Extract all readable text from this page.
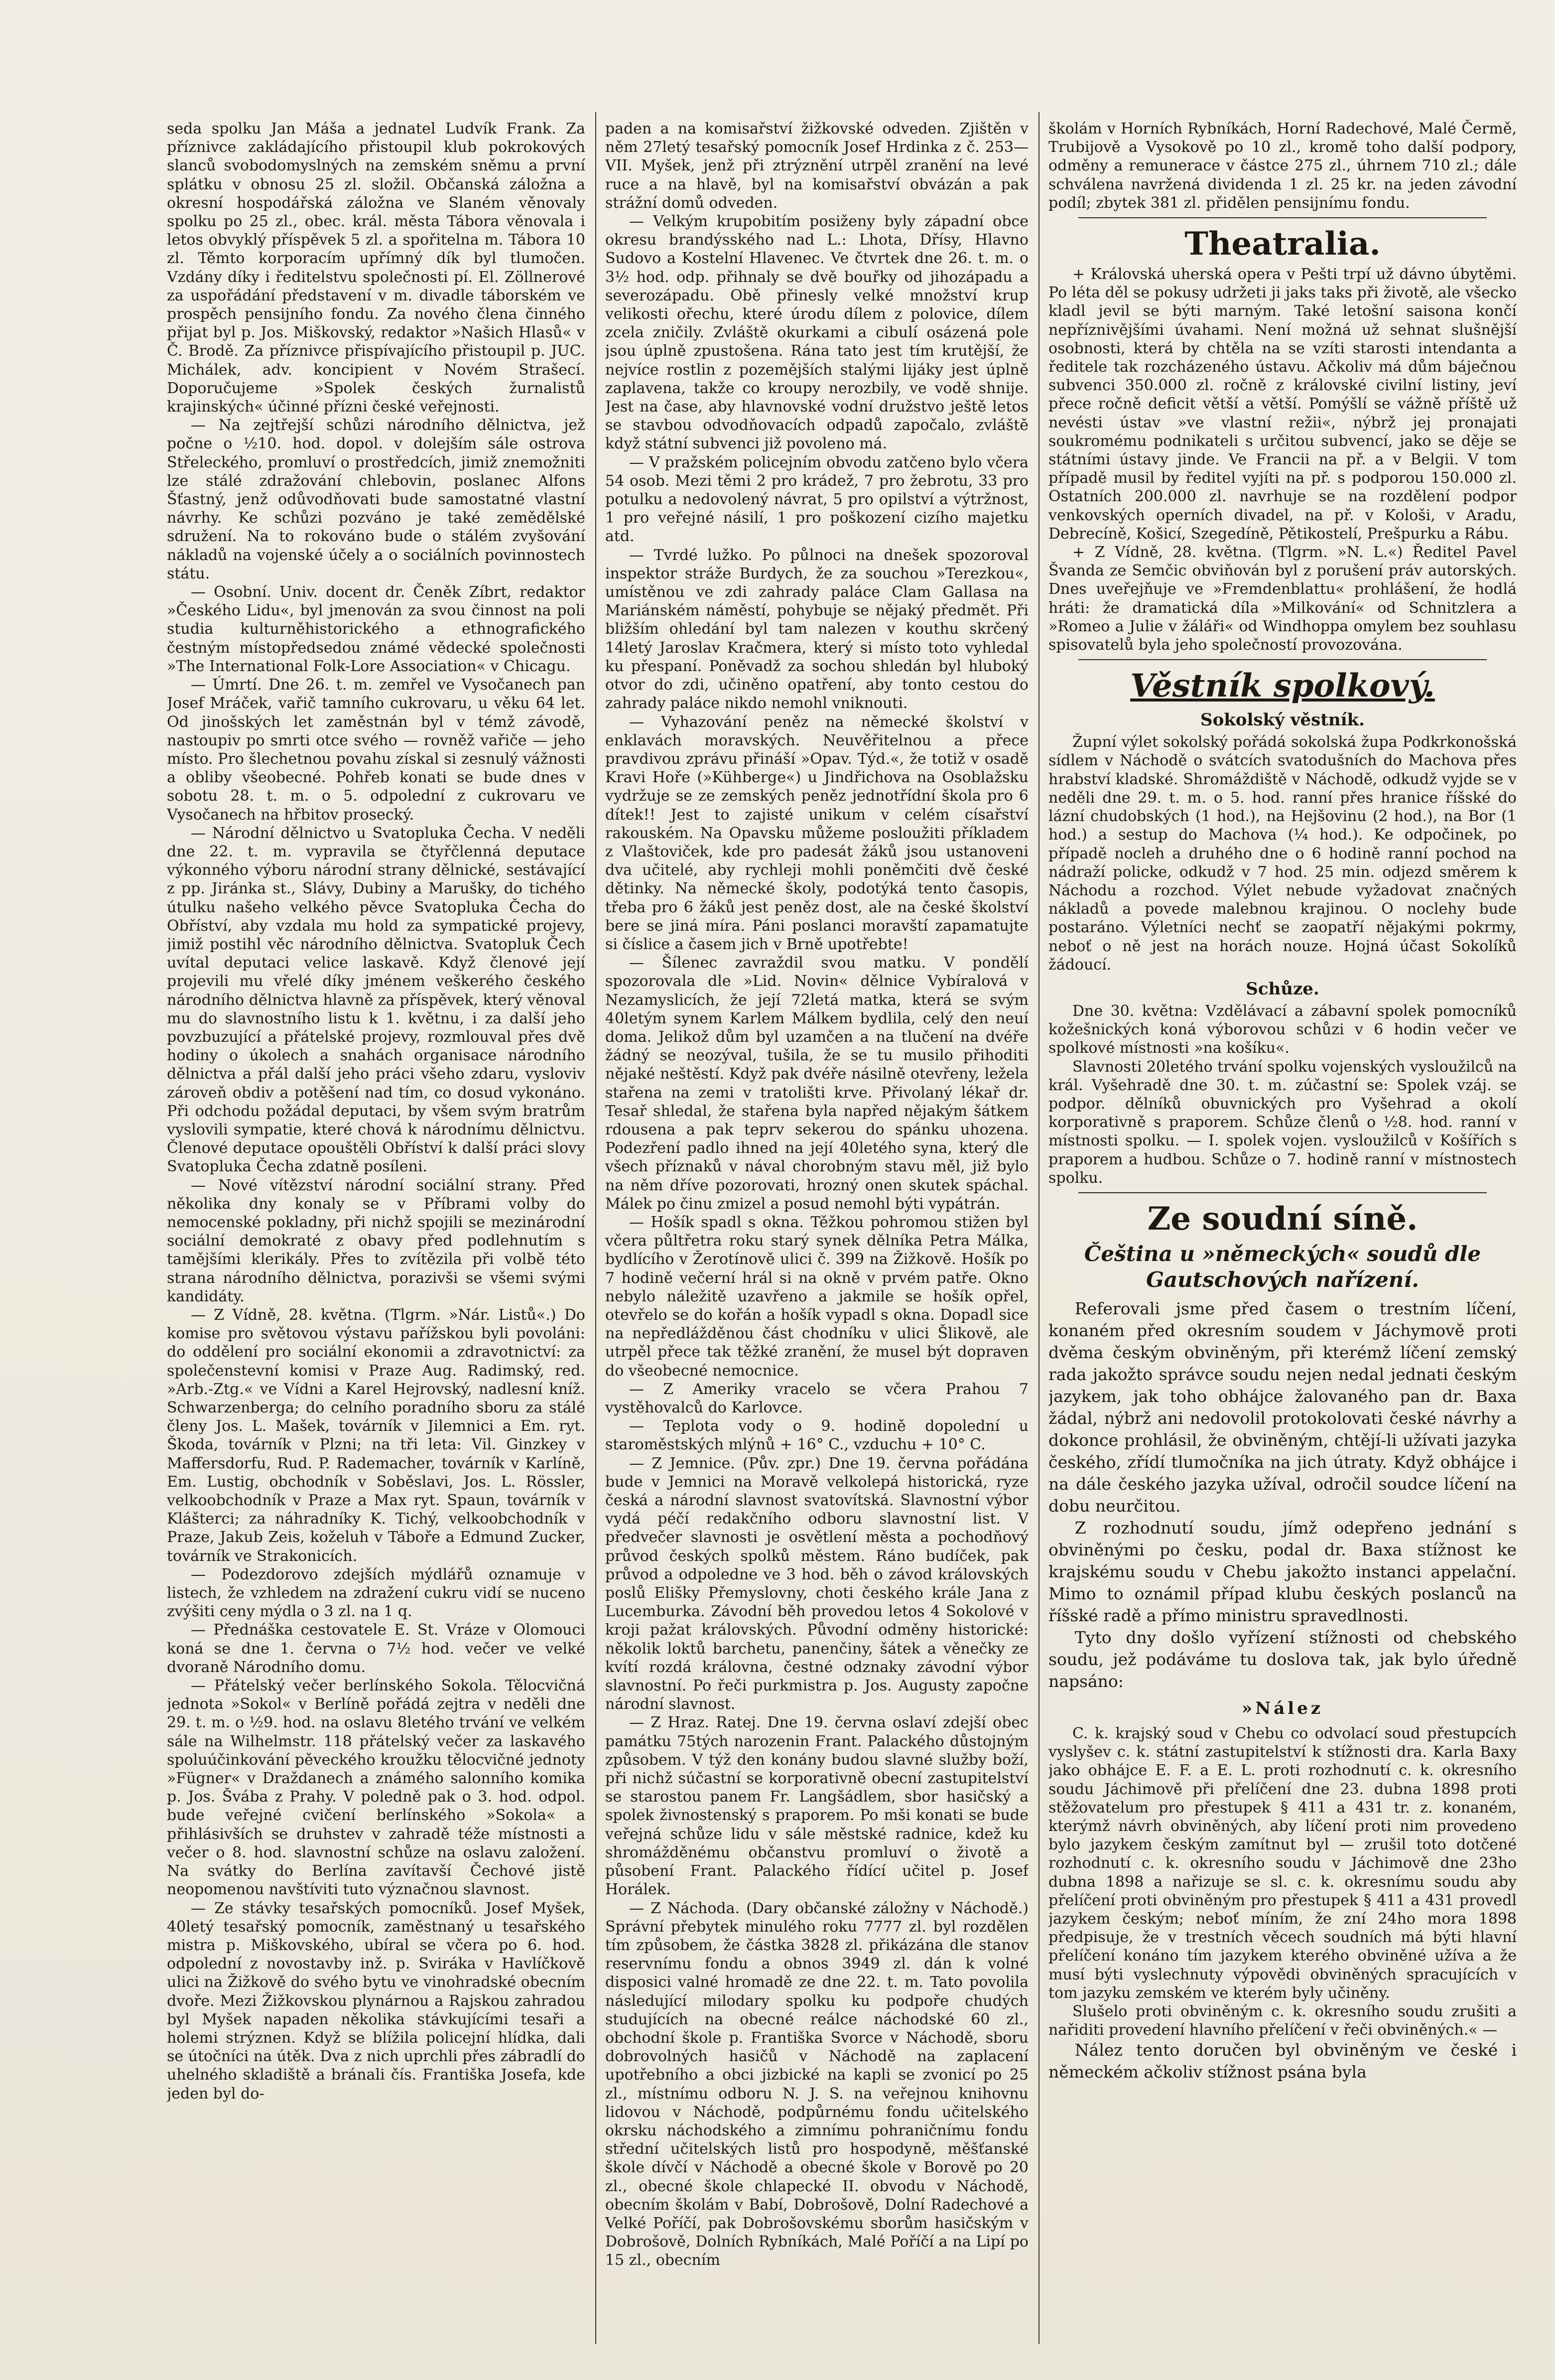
seda spolku Jan Máša a jednatel Ludvík Frank. Za příznivce zakládajícího přistoupil klub pokrokových slanců svobodomyslných na zemském sněmu a první splátku v obnosu 25 zl. složil. Občanská záložna a okresní hospodářská záložna ve Slaném věnovaly spolku po 25 zl., obec. král. města Tábora věnovala i letos obvyklý příspěvek 5 zl. a spořitelna m. Tábora 10 zl. Těmto korporacím upřímný dík byl tlumočen. Vzdány díky i ředitelstvu společnosti pí. El. Zöllnerové za uspořádání představení v m. divadle táborském ve prospěch pensijního fondu. Za nového člena činného přijat byl p. Jos. Miškovský, redaktor »Našich Hlasů« v Č. Brodě. Za příznivce přispívajícího přistoupil p. JUC. Michálek, adv. koncipient v Novém Strašecí. Doporučujeme »Spolek českých žurnalistů krajinských« účinné přízni české veřejnosti.

— Na zejtřejší schůzi národního dělnictva, jež počne o ½10. hod. dopol. v dolejším sále ostrova Střeleckého, promluví o prostředcích, jimiž znemožniti lze stálé zdražování chlebovin, poslanec Alfons Šťastný, jenž odůvodňovati bude samostatné vlastní návrhy. Ke schůzi pozváno je také zemědělské sdružení. Na to rokováno bude o stálém zvyšování nákladů na vojenské účely a o sociálních povinnostech státu.

— Osobní. Univ. docent dr. Čeněk Zíbrt, redaktor »Českého Lidu«, byl jmenován za svou činnost na poli studia kulturněhistorického a ethnografického čestným místopředsedou známé vědecké společnosti »The International Folk-Lore Association« v Chicagu.

— Úmrtí. Dne 26. t. m. zemřel ve Vysočanech pan Josef Mráček, vařič tamního cukrovaru, u věku 64 let. Od jinošských let zaměstnán byl v témž závodě, nastoupiv po smrti otce svého — rovněž vařiče — jeho místo. Pro šlechetnou povahu získal si zesnulý vážnosti a obliby všeobecné. Pohřeb konati se bude dnes v sobotu 28. t. m. o 5. odpolední z cukrovaru ve Vysočanech na hřbitov prosecký.

— Národní dělnictvo u Svatopluka Čecha. V neděli dne 22. t. m. vypravila se čtyřčlenná deputace výkonného výboru národní strany dělnické, sestávající z pp. Jiránka st., Slávy, Dubiny a Marušky, do tichého útulku našeho velkého pěvce Svatopluka Čecha do Obříství, aby vzdala mu hold za sympatické projevy, jimiž postihl věc národního dělnictva. Svatopluk Čech uvítal deputaci velice laskavě. Když členové její projevili mu vřelé díky jménem veškerého českého národního dělnictva hlavně za příspěvek, který věnoval mu do slavnostního listu k 1. květnu, i za další jeho povzbuzující a přátelské projevy, rozmlouval přes dvě hodiny o úkolech a snahách organisace národního dělnictva a přál další jeho práci všeho zdaru, vysloviv zároveň obdiv a potěšení nad tím, co dosud vykonáno. Při odchodu požádal deputaci, by všem svým bratrům vyslovili sympatie, které chová k národnímu dělnictvu. Členové deputace opouštěli Obříství k další práci slovy Svatopluka Čecha zdatně posíleni.

— Nové vítězství národní sociální strany. Před několika dny konaly se v Příbrami volby do nemocenské pokladny, při nichž spojili se mezinárodní sociální demokraté z obavy před podlehnutím s tamějšími klerikály. Přes to zvítězila při volbě této strana národního dělnictva, porazivši se všemi svými kandidáty.

— Z Vídně, 28. května. (Tlgrm. »Nár. Listů«.) Do komise pro světovou výstavu pařížskou byli povoláni: do oddělení pro sociální ekonomii a zdravotnictví: za společenstevní komisi v Praze Aug. Radimský, red. »Arb.-Ztg.« ve Vídni a Karel Hejrovský, nadlesní kníž. Schwarzenberga; do celního poradního sboru za stálé členy Jos. L. Mašek, továrník v Jilemnici a Em. ryt. Škoda, továrník v Plzni; na tři leta: Vil. Ginzkey v Maffersdorfu, Rud. P. Rademacher, továrník v Karlíně, Em. Lustig, obchodník v Soběslavi, Jos. L. Rössler, velkoobchodník v Praze a Max ryt. Spaun, továrník v Klášterci; za náhradníky K. Tichý, velkoobchodník v Praze, Jakub Zeis, koželuh v Táboře a Edmund Zucker, továrník ve Strakonicích.

— Podezdorovo zdejších mýdlářů oznamuje v listech, že vzhledem na zdražení cukru vidí se nuceno zvýšiti ceny mýdla o 3 zl. na 1 q.

— Přednáška cestovatele E. St. Vráze v Olomouci koná se dne 1. června o 7½ hod. večer ve velké dvoraně Národního domu.

— Přátelský večer berlínského Sokola. Tělocvičná jednota »Sokol« v Berlíně pořádá zejtra v neděli dne 29. t. m. o ½9. hod. na oslavu 8letého trvání ve velkém sále na Wilhelmstr. 118 přátelský večer za laskavého spoluúčinkování pěveckého kroužku tělocvičné jednoty »Fügner« v Draždanech a známého salonního komika p. Jos. Švába z Prahy. V poledně pak o 3. hod. odpol. bude veřejné cvičení berlínského »Sokola« a přihlásivších se druhstev v zahradě téže místnosti a večer o 8. hod. slavnostní schůze na oslavu založení. Na svátky do Berlína zavítavší Čechové jistě neopomenou navštíviti tuto význačnou slavnost.

— Ze stávky tesařských pomocníků. Josef Myšek, 40letý tesařský pomocník, zaměstnaný u tesařského mistra p. Miškovského, ubíral se včera po 6. hod. odpolední z novostavby inž. p. Sviráka v Havlíčkově ulici na Žižkově do svého bytu ve vinohradské obecním dvoře. Mezi Žižkovskou plynárnou a Rajskou zahradou byl Myšek napaden několika stávkujícími tesaři a holemi strýznen. Když se blížila policejní hlídka, dali se útočníci na útěk. Dva z nich uprchli přes zábradlí do uhelného skladiště a bránali čís. Františka Josefa, kde jeden byl do-

paden a na komisařství žižkovské odveden. Zjištěn v něm 27letý tesařský pomocník Josef Hrdinka z č. 253—VII. Myšek, jenž při ztrýznění utrpěl zranění na levé ruce a na hlavě, byl na komisařství obvázán a pak strážní domů odveden.

— Velkým krupobitím posiženy byly západní obce okresu brandýsského nad L.: Lhota, Dřísy, Hlavno Sudovo a Kostelní Hlavenec. Ve čtvrtek dne 26. t. m. o 3½ hod. odp. přihnaly se dvě bouřky od jihozápadu a severozápadu. Obě přinesly velké množství krup velikosti ořechu, které úrodu dílem z polovice, dílem zcela zničily. Zvláště okurkami a cibulí osázená pole jsou úplně zpustošena. Rána tato jest tím krutější, že nejvíce rostlin z pozemějších stalými lijáky jest úplně zaplavena, takže co kroupy nerozbily, ve vodě shnije. Jest na čase, aby hlavnovské vodní družstvo ještě letos se stavbou odvodňovacích odpadů započalo, zvláště když státní subvenci již povoleno má.

— V pražském policejním obvodu zatčeno bylo včera 54 osob. Mezi těmi 2 pro krádež, 7 pro žebrotu, 33 pro potulku a nedovolený návrat, 5 pro opilství a výtržnost, 1 pro veřejné násilí, 1 pro poškození cizího majetku atd.

— Tvrdé lužko. Po půlnoci na dnešek spozoroval inspektor stráže Burdych, že za souchou »Terezkou«, umístěnou ve zdi zahrady paláce Clam Gallasa na Mariánském náměstí, pohybuje se nějaký předmět. Při bližším ohledání byl tam nalezen v kouthu skrčený 14letý Jaroslav Kračmera, který si místo toto vyhledal ku přespaní. Poněvadž za sochou shledán byl hluboký otvor do zdi, učiněno opatření, aby tonto cestou do zahrady paláce nikdo nemohl vniknouti.

— Vyhazování peněz na německé školství v enklavách moravských. Neuvěřitelnou a přece pravdivou zprávu přináší »Opav. Týd.«, že totiž v osadě Kravi Hoře (»Kühberge«) u Jindřichova na Osoblažsku vydržuje se ze zemských peněz jednotřídní škola pro 6 dítek!! Jest to zajisté unikum v celém císařství rakouském. Na Opavsku můžeme posloužiti příkladem z Vlaštoviček, kde pro padesát žáků jsou ustanoveni dva učitelé, aby rychleji mohli poněmčiti dvě české dětinky. Na německé školy, podotýká tento časopis, třeba pro 6 žáků jest peněz dost, ale na české školství bere se jiná míra. Páni poslanci moravští zapamatujte si číslice a časem jich v Brně upotřebte!

— Šílenec zavraždil svou matku. V pondělí spozorovala dle »Lid. Novin« dělnice Vybíralová v Nezamyslicích, že její 72letá matka, která se svým 40letým synem Karlem Málkem bydlila, celý den neuí doma. Jelikož dům byl uzamčen a na tlučení na dvéře žádný se neozýval, tušila, že se tu musilo přihoditi nějaké neštěstí. Když pak dvéře násilně otevřeny, ležela stařena na zemi v tratolišti krve. Přivolaný lékař dr. Tesař shledal, že stařena byla napřed nějakým šátkem rdousena a pak teprv sekerou do spánku uhozena. Podezření padlo ihned na její 40letého syna, který dle všech příznaků v nával chorobným stavu měl, již bylo na něm dříve pozorovati, hrozný onen skutek spáchal. Málek po činu zmizel a posud nemohl býti vypátrán.

— Hošík spadl s okna. Těžkou pohromou stižen byl včera půltřetra roku starý synek dělníka Petra Málka, bydlícího v Žerotínově ulici č. 399 na Žižkově. Hošík po 7 hodině večerní hrál si na okně v prvém patře. Okno nebylo náležitě uzavřeno a jakmile se hošík opřel, otevřelo se do kořán a hošík vypadl s okna. Dopadl sice na nepředlážděnou část chodníku v ulici Šlikově, ale utrpěl přece tak těžké zranění, že musel být dopraven do všeobecné nemocnice.

— Z Ameriky vracelo se včera Prahou 7 vystěhovalců do Karlovce.

— Teplota vody o 9. hodině dopolední u staroměstských mlýnů + 16° C., vzduchu + 10° C.

— Z Jemnice. (Pův. zpr.) Dne 19. června pořádána bude v Jemnici na Moravě velkolepá historická, ryze česká a národní slavnost svatovítská. Slavnostní výbor vydá péčí redakčního odboru slavnostní list. V předvečer slavnosti je osvětlení města a pochodňový průvod českých spolků městem. Ráno budíček, pak průvod a odpoledne ve 3 hod. běh o závod královských poslů Elišky Přemyslovny, choti českého krále Jana z Lucemburka. Závodní běh provedou letos 4 Sokolové v kroji pažat královských. Původní odměny historické: několik loktů barchetu, panenčiny, šátek a věnečky ze kvítí rozdá královna, čestné odznaky závodní výbor slavnostní. Po řeči purkmistra p. Jos. Augusty započne národní slavnost.

— Z Hraz. Ratej. Dne 19. června oslaví zdejší obec památku 75tých narozenin Frant. Palackého důstojným způsobem. V týž den konány budou slavné služby boží, při nichž súčastní se korporativně obecní zastupitelství se starostou panem Fr. Langšádlem, sbor hasičský a spolek živnostenský s praporem. Po mši konati se bude veřejná schůze lidu v sále městské radnice, kdež ku shromážděnému občanstvu promluví o životě a působení Frant. Palackého řídící učitel p. Josef Horálek.

— Z Náchoda. (Dary občanské záložny v Náchodě.) Správní přebytek minulého roku 7777 zl. byl rozdělen tím způsobem, že částka 3828 zl. přikázána dle stanov reservnímu fondu a obnos 3949 zl. dán k volné disposici valné hromadě ze dne 22. t. m. Tato povolila následující milodary spolku ku podpoře chudých studujících na obecné reálce náchodské 60 zl., obchodní škole p. Františka Svorce v Náchodě, sboru dobrovolných hasičů v Náchodě na zaplacení upotřebního a obci jizbické na kapli se zvonicí po 25 zl., místnímu odboru N. J. S. na veřejnou knihovnu lidovou v Náchodě, podpůrnému fondu učitelského okrsku náchodského a zimnímu pohraničnímu fondu střední učitelských listů pro hospodyně, měšťanské škole dívčí v Náchodě a obecné škole v Borově po 20 zl., obecné škole chlapecké II. obvodu v Náchodě, obecním školám v Babí, Dobrošově, Dolní Radechové a Velké Poříčí, pak Dobrošovskému sborům hasičským v Dobrošově, Dolních Rybníkách, Malé Poříčí a na Lipí po 15 zl., obecním

školám v Horních Rybníkách, Horní Radechové, Malé Čermě, Trubijově a Vysokově po 10 zl., kromě toho další podpory, odměny a remunerace v částce 275 zl., úhrnem 710 zl.; dále schválena navržená dividenda 1 zl. 25 kr. na jeden závodní podíl; zbytek 381 zl. přidělen pensijnímu fondu.

Theatralia.

+ Královská uherská opera v Pešti trpí už dávno úbytěmi. Po léta děl se pokusy udržeti ji jaks taks při životě, ale všecko kladl jevil se býti marným. Také letošní saisona končí nepříznivějšími úvahami. Není možná už sehnat slušnější osobnosti, která by chtěla na se vzíti starosti intendanta a ředitele tak rozcházeného ústavu. Ačkoliv má dům báječnou subvenci 350.000 zl. ročně z královské civilní listiny, jeví přece ročně deficit větší a větší. Pomýšlí se vážně příště už nevésti ústav »ve vlastní režii«, nýbrž jej pronajati soukromému podnikateli s určitou subvencí, jako se děje se státními ústavy jinde. Ve Francii na př. a v Belgii. V tom případě musil by ředitel vyjíti na př. s podporou 150.000 zl. Ostatních 200.000 zl. navrhuje se na rozdělení podpor venkovských operních divadel, na př. v Kološi, v Aradu, Debrecíně, Košicí, Szegedíně, Pětikostelí, Prešpurku a Rábu.

+ Z Vídně, 28. května. (Tlgrm. »N. L.«) Ředitel Pavel Švanda ze Semčic obviňován byl z porušení práv autorských. Dnes uveřejňuje ve »Fremdenblattu« prohlášení, že hodlá hráti: že dramatická díla »Milkování« od Schnitzlera a »Romeo a Julie v žáláři« od Windhoppa omylem bez souhlasu spisovatelů byla jeho společností provozována.

Věstník spolkový.
Sokolský věstník.

Župní výlet sokolský pořádá sokolská župa Podkrkonošská sídlem v Náchodě o svátcích svatodušních do Machova přes hrabství kladské. Shromáždiště v Náchodě, odkudž vyjde se v neděli dne 29. t. m. o 5. hod. ranní přes hranice říšské do lázní chudobských (1 hod.), na Hejšovinu (2 hod.), na Bor (1 hod.) a sestup do Machova (¼ hod.). Ke odpočinek, po případě nocleh a druhého dne o 6 hodině ranní pochod na nádraží policke, odkudž v 7 hod. 25 min. odjezd směrem k Náchodu a rozchod. Výlet nebude vyžadovat značných nákladů a povede malebnou krajinou. O noclehy bude postaráno. Výletníci nechť se zaopatří nějakými pokrmy, neboť o ně jest na horách nouze. Hojná účast Sokolíků žádoucí.

Schůze.

Dne 30. května: Vzdělávací a zábavní spolek pomocníků kožešnických koná výborovou schůzi v 6 hodin večer ve spolkové místnosti »na košíku«.

Slavnosti 20letého trvání spolku vojenských vysloužilců na král. Vyšehradě dne 30. t. m. zúčastní se: Spolek vzáj. se podpor. dělníků obuvnických pro Vyšehrad a okolí korporativně s praporem. Schůze členů o ½8. hod. ranní v místnosti spolku. — I. spolek vojen. vysloužilců v Košířích s praporem a hudbou. Schůze o 7. hodině ranní v místnostech spolku.

Ze soudní síně.
Čeština u »německých« soudů dle Gautschových nařízení.

Referovali jsme před časem o trestním líčení, konaném před okresním soudem v Jáchymově proti dvěma českým obviněným, při kterémž líčení zemský rada jakožto správce soudu nejen nedal jednati českým jazykem, jak toho obhájce žalovaného pan dr. Baxa žádal, nýbrž ani nedovolil protokolovati české návrhy a dokonce prohlásil, že obviněným, chtějí-li užívati jazyka českého, zřídí tlumočníka na jich útraty. Když obhájce i na dále českého jazyka užíval, odročil soudce líčení na dobu neurčitou.

Z rozhodnutí soudu, jímž odepřeno jednání s obviněnými po česku, podal dr. Baxa stížnost ke krajskému soudu v Chebu jakožto instanci appelační. Mimo to oznámil případ klubu českých poslanců na říšské radě a přímo ministru spravedlnosti.

Tyto dny došlo vyřízení stížnosti od chebského soudu, jež podáváme tu doslova tak, jak bylo úředně napsáno:

»Nález

C. k. krajský soud v Chebu co odvolací soud přestupcích vyslyšev c. k. státní zastupitelství k stížnosti dra. Karla Baxy jako obhájce E. F. a E. L. proti rozhodnutí c. k. okresního soudu Jáchimově při přelíčení dne 23. dubna 1898 proti stěžovatelum pro přestupek § 411 a 431 tr. z. konaném, kterýmž návrh obviněných, aby líčení proti nim provedeno bylo jazykem českým zamítnut byl — zrušil toto dotčené rozhodnutí c. k. okresního soudu v Jáchimově dne 23ho dubna 1898 a nařizuje se sl. c. k. okresnímu soudu aby přelíčení proti obviněným pro přestupek § 411 a 431 provedl jazykem českým; neboť míním, že zní 24ho mora 1898 předpisuje, že v trestních věcech soudních má býti hlavní přelíčení konáno tím jazykem kterého obviněné užíva a že musí býti vyslechnuty výpovědi obviněných spracujících v tom jazyku zemském ve kterém byly učiněny.

Slušelo proti obviněným c. k. okresního soudu zrušiti a nařiditi provedení hlavního přelíčení v řeči obviněných.« —

Nález tento doručen byl obviněným ve české i německém ačkoliv stížnost psána byla
